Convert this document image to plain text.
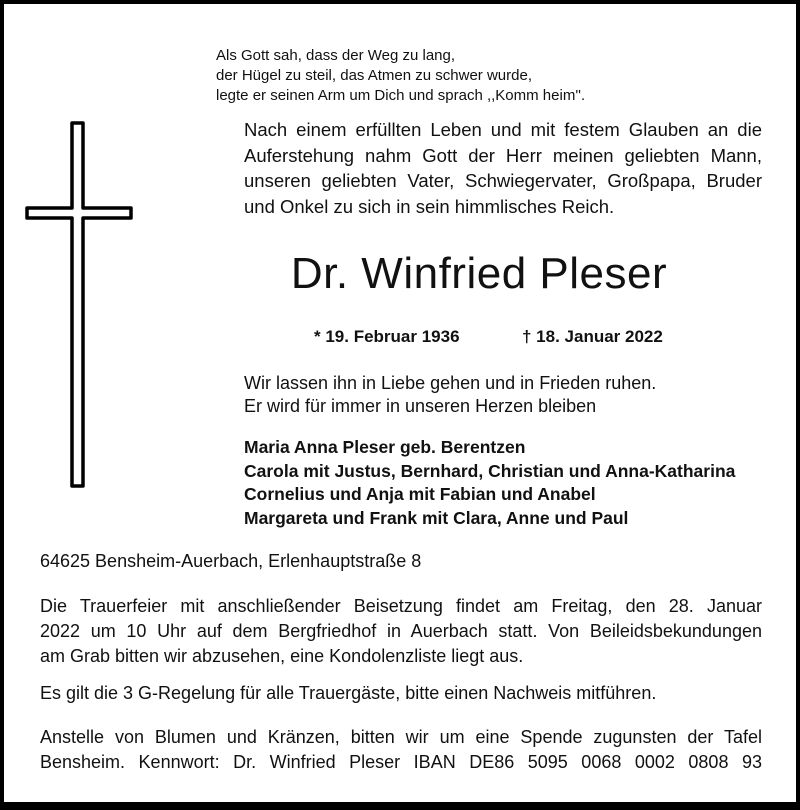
Als Gott sah, dass der Weg zu lang,
der Hügel zu steil, das Atmen zu schwer wurde,
legte er seinen Arm um Dich und sprach ,,Komm heim''.
Nach einem erfüllten Leben und mit festem Glauben an die
Auferstehung nahm Gott der Herr meinen geliebten Mann,
unseren geliebten Vater, Schwiegervater, Großpapa, Bruder
und Onkel zu sich in sein himmlisches Reich.
Dr. Winfried Pleser
* 19. Februar 1936	† 18. Januar 2022
Wir lassen ihn in Liebe gehen und in Frieden ruhen.
Er wird für immer in unseren Herzen bleiben
Maria Anna Pleser geb. Berentzen
Carola mit Justus, Bernhard, Christian und Anna-Katharina
Cornelius und Anja mit Fabian und Anabel
Margareta und Frank mit Clara, Anne und Paul
64625 Bensheim-Auerbach, Erlenhauptstraße 8
Die Trauerfeier mit anschließender Beisetzung findet am Freitag, den 28. Januar
2022 um 10 Uhr auf dem Bergfriedhof in Auerbach statt. Von Beileidsbekundungen
am Grab bitten wir abzusehen, eine Kondolenzliste liegt aus.
Es gilt die 3 G-Regelung für alle Trauergäste, bitte einen Nachweis mitführen.
Anstelle von Blumen und Kränzen, bitten wir um eine Spende zugunsten der Tafel
Bensheim. Kennwort: Dr. Winfried Pleser IBAN DE86 5095 0068 0002 0808 93
